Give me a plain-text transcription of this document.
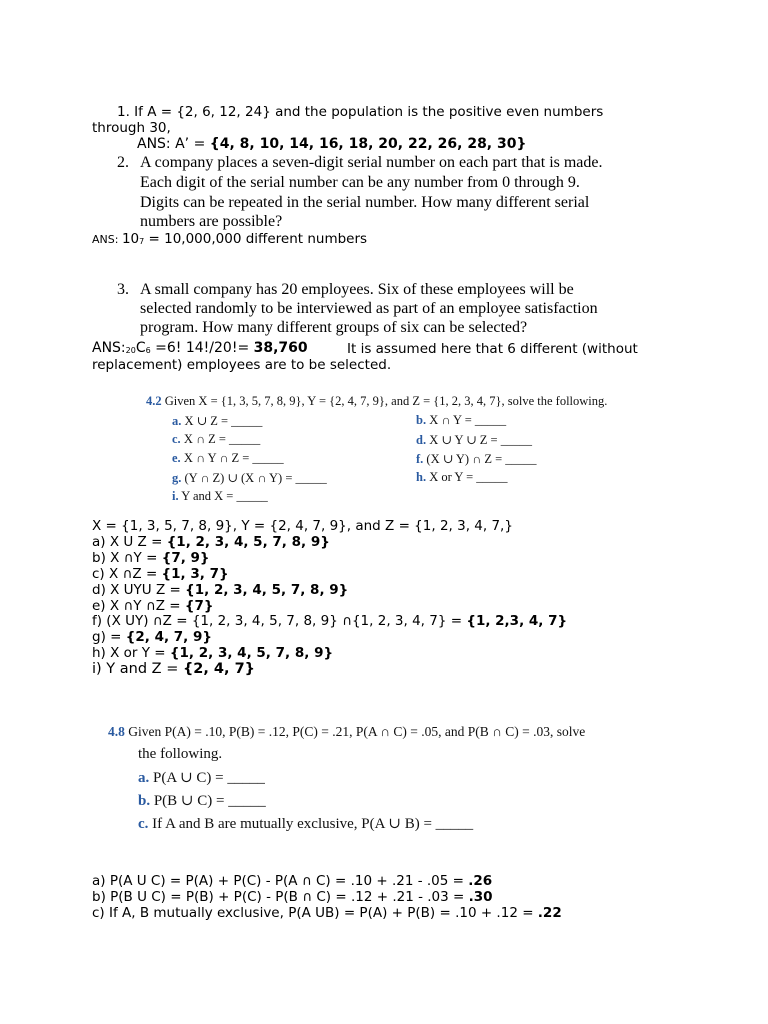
1. If A = {2, 6, 12, 24} and the population is the positive even numbers
through 30,
ANS: A’ = {4, 8, 10, 14, 16, 18, 20, 22, 26, 28, 30}
2. A company places a seven-digit serial number on each part that is made.
Each digit of the serial number can be any number from 0 through 9.
Digits can be repeated in the serial number. How many different serial
numbers are possible?
ANS: $10_7 = 10,000,000$ different numbers
3. A small company has 20 employees. Six of these employees will be
selected randomly to be interviewed as part of an employee satisfaction
program. How many different groups of six can be selected?
$ANS:_{20}C_6 =6$! 14!/20!= 38,760	It is assumed here that 6 different (without
replacement) employees are to be selected.
4.2 Given X = {1, 3, 5, 7, 8, 9}, Y = {2, 4, 7, 9}, and Z = {1, 2, 3, 4, 7}, solve the following.
a. X ∪ Z = _____	b. X ∩ Y = _____
c. X ∩ Z = _____	d. X ∪ Y ∪ Z = _____
e. X ∩ Y ∩ Z = _____	f. (X ∪ Y) ∩ Z = _____
g. (Y ∩ Z) ∪ (X ∩ Y) = _____	h. X or Y = _____
i. Y and X = _____
X = {1, 3, 5, 7, 8, 9}, Y = {2, 4, 7, 9}, and Z = {1, 2, 3, 4, 7,}
a) X U Z = {1, 2, 3, 4, 5, 7, 8, 9}
b) X ∩Y = {7, 9}
c) X ∩Z = {1, 3, 7}
d) X UYU Z = {1, 2, 3, 4, 5, 7, 8, 9}
e) X ∩Y ∩Z = {7}
f) (X UY) ∩Z = {1, 2, 3, 4, 5, 7, 8, 9} ∩{1, 2, 3, 4, 7} = {1, 2,3, 4, 7}
g) = {2, 4, 7, 9}
h) X or Y = {1, 2, 3, 4, 5, 7, 8, 9}
i) Y and Z = {2, 4, 7}
4.8 Given P(A) = .10, P(B) = .12, P(C) = .21, P(A ∩ C) = .05, and P(B ∩ C) = .03, solve
the following.
a. P(A ∪ C) = _____
b. P(B ∪ C) = _____
c. If A and B are mutually exclusive, P(A ∪ B) = _____
a) P(A U C) = P(A) + P(C) - P(A ∩ C) = .10 + .21 - .05 = .26
b) P(B U C) = P(B) + P(C) - P(B ∩ C) = .12 + .21 - .03 = .30
c) If A, B mutually exclusive, P(A UB) = P(A) + P(B) = .10 + .12 = .22
